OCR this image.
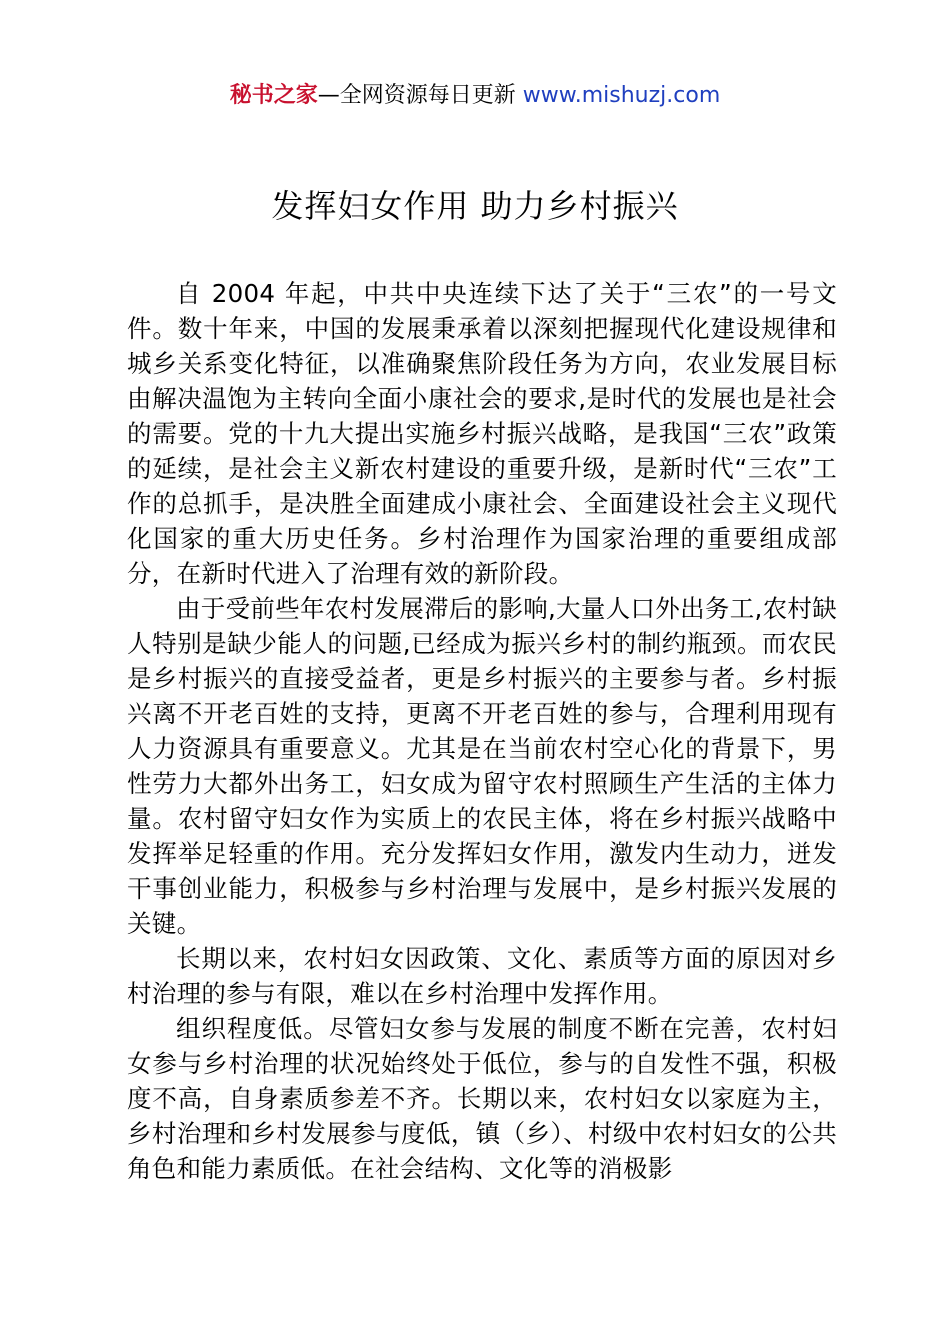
秘书之家—全网资源每日更新 www.mishuzj.com
发挥妇女作用 助力乡村振兴

自 2004 年起，中共中央连续下达了关于“三农”的一号文件。数十年来，中国的发展秉承着以深刻把握现代化建设规律和城乡关系变化特征，以准确聚焦阶段任务为方向，农业发展目标由解决温饱为主转向全面小康社会的要求,是时代的发展也是社会的需要。党的十九大提出实施乡村振兴战略，是我国“三农”政策的延续，是社会主义新农村建设的重要升级，是新时代“三农”工作的总抓手，是决胜全面建成小康社会、全面建设社会主义现代化国家的重大历史任务。乡村治理作为国家治理的重要组成部分，在新时代进入了治理有效的新阶段。

由于受前些年农村发展滞后的影响,大量人口外出务工,农村缺人特别是缺少能人的问题,已经成为振兴乡村的制约瓶颈。而农民是乡村振兴的直接受益者，更是乡村振兴的主要参与者。乡村振兴离不开老百姓的支持，更离不开老百姓的参与，合理利用现有人力资源具有重要意义。尤其是在当前农村空心化的背景下，男性劳力大都外出务工，妇女成为留守农村照顾生产生活的主体力量。农村留守妇女作为实质上的农民主体，将在乡村振兴战略中发挥举足轻重的作用。充分发挥妇女作用，激发内生动力，迸发干事创业能力，积极参与乡村治理与发展中，是乡村振兴发展的关键。

长期以来，农村妇女因政策、文化、素质等方面的原因对乡村治理的参与有限，难以在乡村治理中发挥作用。

组织程度低。尽管妇女参与发展的制度不断在完善，农村妇女参与乡村治理的状况始终处于低位，参与的自发性不强，积极度不高，自身素质参差不齐。长期以来，农村妇女以家庭为主，乡村治理和乡村发展参与度低，镇（乡）、村级中农村妇女的公共角色和能力素质低。在社会结构、文化等的消极影
